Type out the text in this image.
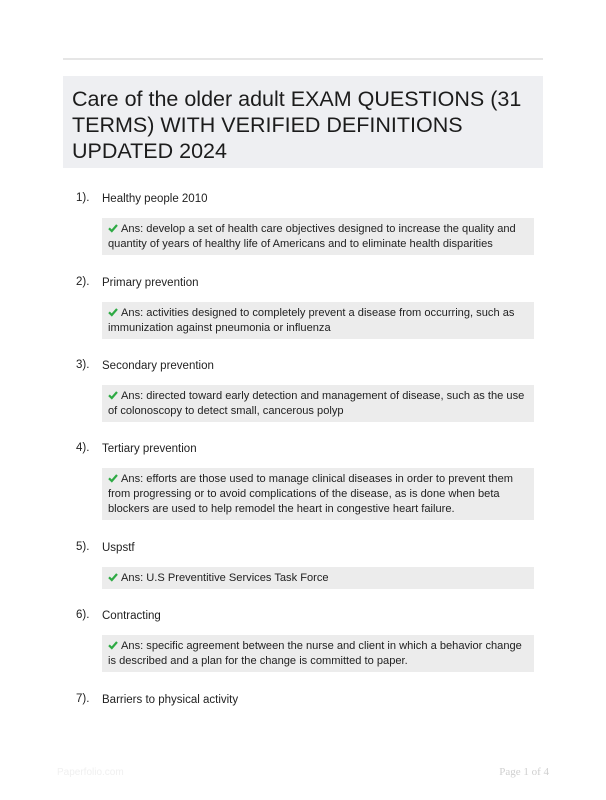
Care of the older adult EXAM QUESTIONS (31 TERMS) WITH VERIFIED DEFINITIONS UPDATED 2024
1). Healthy people 2010
Ans: develop a set of health care objectives designed to increase the quality and quantity of years of healthy life of Americans and to eliminate health disparities
2). Primary prevention
Ans: activities designed to completely prevent a disease from occurring, such as immunization against pneumonia or influenza
3). Secondary prevention
Ans: directed toward early detection and management of disease, such as the use of colonoscopy to detect small, cancerous polyp
4). Tertiary prevention
Ans: efforts are those used to manage clinical diseases in order to prevent them from progressing or to avoid complications of the disease, as is done when beta blockers are used to help remodel the heart in congestive heart failure.
5). Uspstf
Ans: U.S Preventitive Services Task Force
6). Contracting
Ans: specific agreement between the nurse and client in which a behavior change is described and a plan for the change is committed to paper.
7). Barriers to physical activity
Paperfolio.com	Page 1 of 4
